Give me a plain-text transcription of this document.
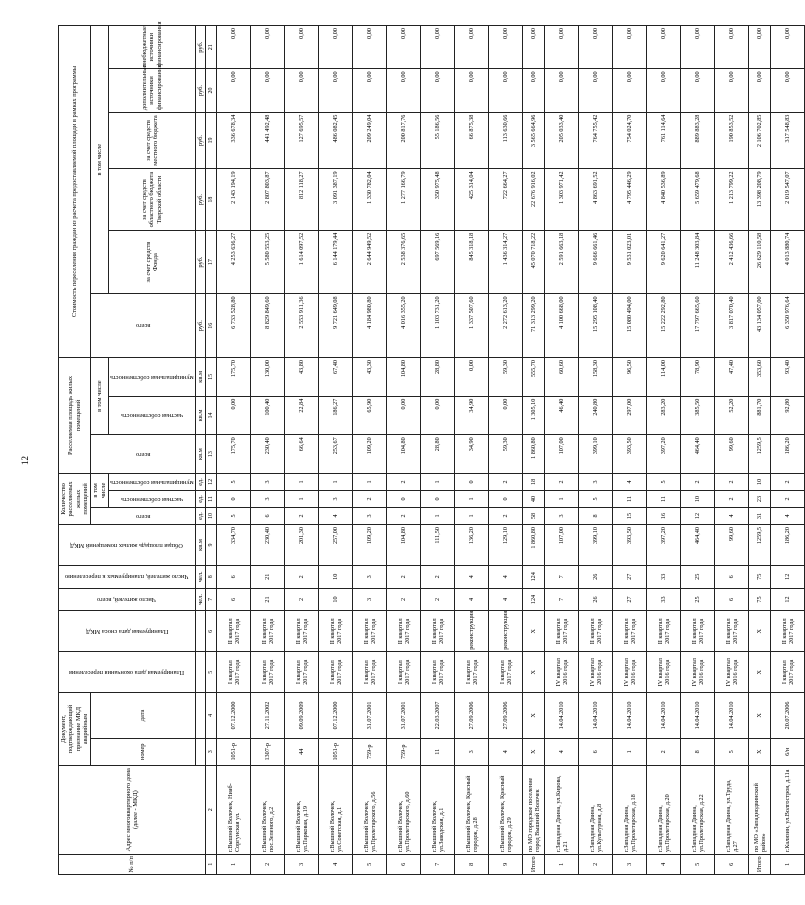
12
№ п/п	Адрес многоквартирного дома (далее - МКД)	Документ, подтверждающий признание МКД аварийным		Планируемая дата окончания переселения	Планируемая дата сноса МКД	Число жителей, всего	Число жителей, планируемых к переселению	Общая площадь жилых помещений МКД	Количество расселяемых жилых помещений			Расселяемая площадь жилых помещений			Стоимость переселения граждан из расчета предоставляемой площади в рамках программы					
		номер	дата						всего	в том числе		всего	в том числе		всего	в том числе				

										частная собственность	муниципальная собственность		частная собственность	муниципальная собственность		за счет средств Фонда	за счет средств областного бюджета Тверской области	за счет средств местного бюджета	дополнительные источники финансирования	внебюджетные источники финансирования
						чел.	чел.	кв.м	ед.	ед.	ед.	кв.м	кв.м	кв.м	руб.	руб.	руб.	руб.	руб.	руб.
1	2	3	4	5	6	7	8	9	10	11	12	13	14	15	16	17	18	19	20	21
1	г.Вышний Волочек, Ниаб-Соргунская ул.	1051-р	07.12.2000	I квартал 2017 года	II квартал 2017 года	6	6	334,70	5	0	5	175,70	0,00	175,70	6 733 528,80	4 253 636,27	2 143 194,19	336 678,34	0,00	0,00
2	г.Вышний Волочек, пос.Зеленого, д.2	1307-р	27.11.2002	I квартал 2017 года	II квартал 2017 года	21	21	230,40	6	3	3	230,40	100,40	130,00	8 829 849,60	5 580 553,25	2 807 803,87	441 492,48	0,00	0,00
3	г.Вышний Волочек, ул.Парковая, д.19	44	09.09.2009	I квартал 2017 года	II квартал 2017 года	2	2	201,30	2	1	1	66,64	22,84	43,80	2 553 911,36	1 614 097,52	812 118,27	127 695,57	0,00	0,00
4	г.Вышний Волочек, ул.Советская, д.1	1051-р	07.12.2000	I квартал 2017 года	II квартал 2017 года	10	10	257,00	4	3	1	253,67	186,27	67,40	9 721 649,08	6 144 179,44	3 091 387,19	486 082,45	0,00	0,00
5	г.Вышний Волочек, ул.Пролетарского, д.56	759-р	31.07.2001	I квартал 2017 года	II квартал 2017 года	3	3	109,20	3	2	1	109,20	65,90	43,30	4 184 980,80	2 644 949,52	1 330 782,04	209 249,04	0,00	0,00
6	г.Вышний Волочек, ул.Пролетарского, д.60	759-р	31.07.2001	I квартал 2017 года	II квартал 2017 года	2	2	104,80	2	0	2	104,80	0,00	104,80	4 016 355,20	2 538 376,65	1 277 166,79	200 817,76	0,00	0,00
7	г.Вышний Волочек, ул.Заводская, д.1	11	22.03.2007	I квартал 2017 года	II квартал 2017 года	2	2	111,50	1	0	1	28,80	0,00	28,80	1 103 731,20	697 569,16	350 975,48	55 186,56	0,00	0,00
8	г.Вышний Волочек, Красный городок, д.28	3	27.09.2006	I квартал 2017 года	реконструкция	4	4	136,20	1	1	0	34,90	34,90	0,00	1 337 507,60	845 318,18	425 314,04	66 875,38	0,00	0,00
9	г.Вышний Волочек, Красный городок, д.29	4	27.09.2006	I квартал 2017 года	реконструкция	4	4	129,10	2	0	2	59,30	0,00	59,30	2 272 613,20	1 436 314,27	722 664,27	113 630,66	0,00	0,00
Итого	по МО городское поселение город Вышний Волочек	X	X	X	X	124	124	1 860,80	58	40	18	1 860,80	1 305,10	555,70	71 313 299,20	45 070 718,22	22 676 916,02	3 565 664,96	0,00	0,00
1	г.Западная Двина, ул.Кирова, д.21	4	14.04.2010	IV квартал 2016 года	II квартал 2017 года	7	7	107,00	3	1	2	107,00	46,40	60,60	4 100 668,00	2 591 663,18	1 303 971,42	205 033,40	0,00	0,00
2	г.Западная Двина, ул.Культурная, д.8	6	14.04.2010	IV квартал 2016 года	II квартал 2017 года	26	26	399,10	8	5	3	399,10	240,80	158,30	15 295 108,40	9 666 661,46	4 863 691,52	764 755,42	0,00	0,00
3	г.Западная Двина, ул.Пролетарская, д.18	1	14.04.2010	IV квартал 2016 года	II квартал 2017 года	27	27	393,50	15	11	4	393,50	297,00	96,50	15 080 494,00	9 531 023,01	4 795 446,29	754 024,70	0,00	0,00
4	г.Западная Двина, ул.Пролетарская, д.20	2	14.04.2010	IV квартал 2016 года	II квартал 2017 года	33	33	397,20	16	11	5	397,20	283,20	114,00	15 222 292,80	9 620 641,27	4 840 536,89	761 114,64	0,00	0,00
5	г.Западная Двина, ул.Пролетарская, д.22	8	14.04.2010	IV квартал 2016 года	II квартал 2017 года	25	25	464,40	12	10	2	464,40	385,50	78,90	17 797 665,60	11 248 303,84	5 659 479,68	889 883,28	0,00	0,00
6	г.Западная Двина, ул.Труда, д.27	5	14.04.2010	IV квартал 2016 года	II квартал 2017 года	6	6	99,60	4	2	2	99,60	52,20	47,40	3 817 070,40	2 412 436,66	1 213 799,22	190 853,52	0,00	0,00
Итого	по МО «Западнодвинский район»	X	X	X	X	75	75	1259,5	31	23	10	1259,5	881,70	353,60	43 134 057,00	26 629 110,58	13 398 208,79	2 106 702,85	0,00	0,00
1	г.Калязин, ул.Волгостроя, д.11а	6/н	20.07.2006	I квартал 2017 года	II квартал 2017 года	12	12	186,20	4	2	2	186,20	92,80	93,40	6 350 976,64	4 013 880,74	2 019 547,07	317 548,83	0,00	0,00
